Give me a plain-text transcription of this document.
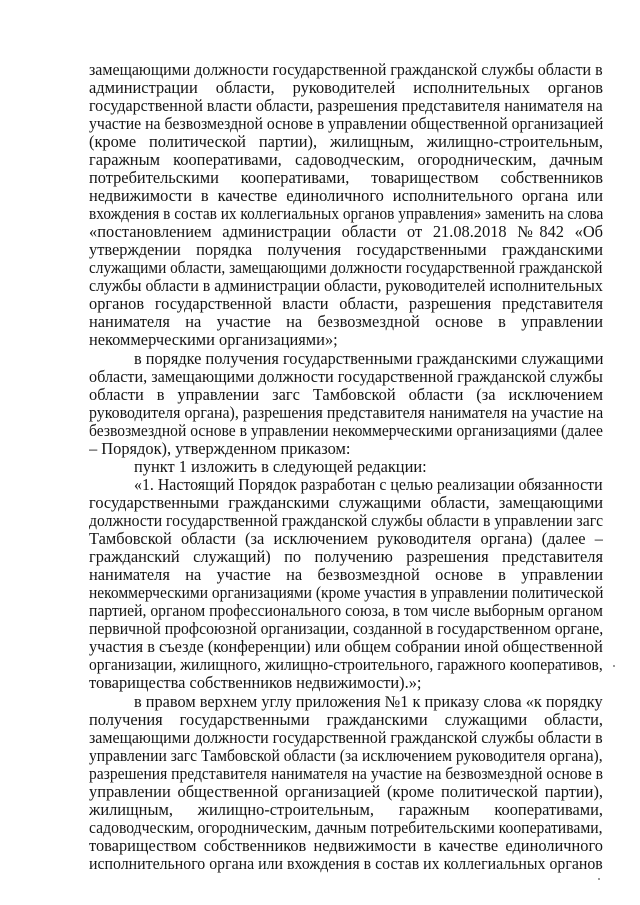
замещающими должности государственной гражданской службы области в
администрации области, руководителей исполнительных органов
государственной власти области, разрешения представителя нанимателя на
участие на безвозмездной основе в управлении общественной организацией
(кроме политической партии), жилищным, жилищно-строительным,
гаражным кооперативами, садоводческим, огородническим, дачным
потребительскими кооперативами, товариществом собственников
недвижимости в качестве единоличного исполнительного органа или
вхождения в состав их коллегиальных органов управления» заменить на слова
«постановлением администрации области от 21.08.2018 №842 «Об
утверждении порядка получения государственными гражданскими
служащими области, замещающими должности государственной гражданской
службы области в администрации области, руководителей исполнительных
органов государственной власти области, разрешения представителя
нанимателя на участие на безвозмездной основе в управлении
некоммерческими организациями»;
в порядке получения государственными гражданскими служащими
области, замещающими должности государственной гражданской службы
области в управлении загс Тамбовской области (за исключением
руководителя органа), разрешения представителя нанимателя на участие на
безвозмездной основе в управлении некоммерческими организациями (далее
– Порядок), утвержденном приказом:
пункт 1 изложить в следующей редакции:
«1. Настоящий Порядок разработан с целью реализации обязанности
государственными гражданскими служащими области, замещающими
должности государственной гражданской службы области в управлении загс
Тамбовской области (за исключением руководителя органа) (далее –
гражданский служащий) по получению разрешения представителя
нанимателя на участие на безвозмездной основе в управлении
некоммерческими организациями (кроме участия в управлении политической
партией, органом профессионального союза, в том числе выборным органом
первичной профсоюзной организации, созданной в государственном органе,
участия в съезде (конференции) или общем собрании иной общественной
организации, жилищного, жилищно-строительного, гаражного кооперативов,
товарищества собственников недвижимости).»;
в правом верхнем углу приложения №1 к приказу слова «к порядку
получения государственными гражданскими служащими области,
замещающими должности государственной гражданской службы области в
управлении загс Тамбовской области (за исключением руководителя органа),
разрешения представителя нанимателя на участие на безвозмездной основе в
управлении общественной организацией (кроме политической партии),
жилищным, жилищно-строительным, гаражным кооперативами,
садоводческим, огородническим, дачным потребительскими кооперативами,
товариществом собственников недвижимости в качестве единоличного
исполнительного органа или вхождения в состав их коллегиальных органов
